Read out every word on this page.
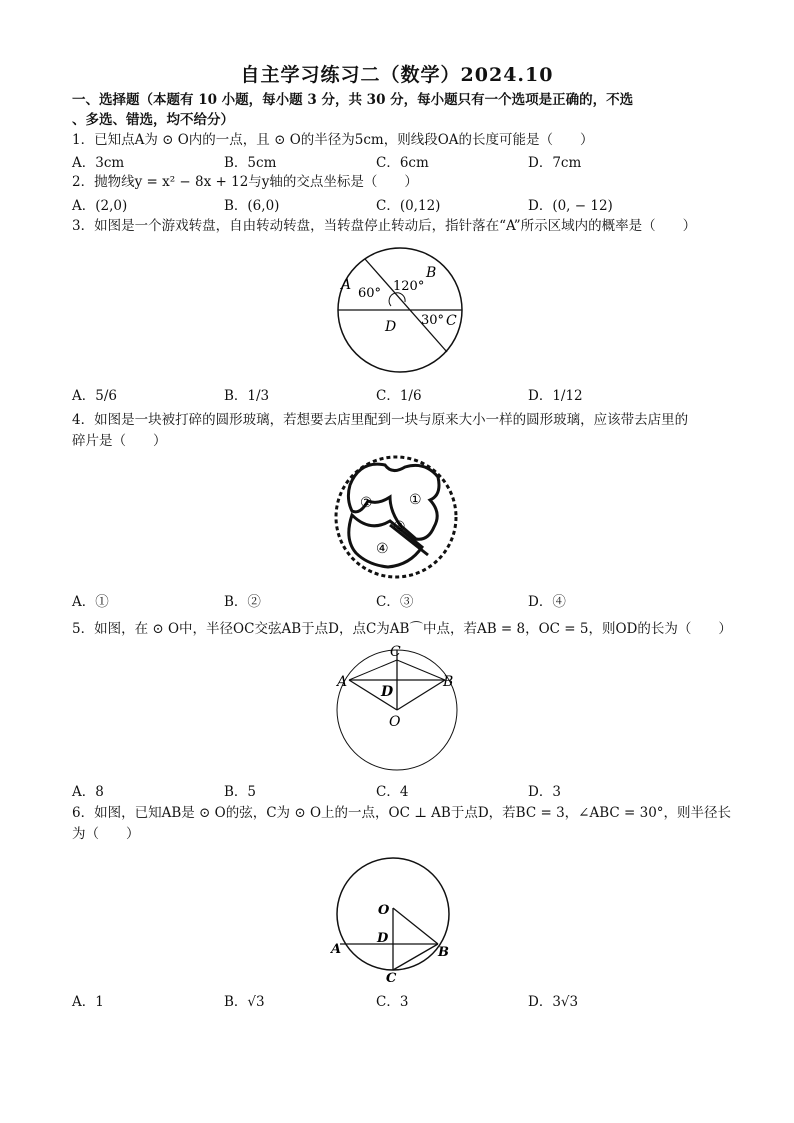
自主学习练习二（数学）2024.10
一、选择题（本题有 10 小题，每小题 3 分，共 30 分，每小题只有一个选项是正确的，不选
、多选、错选，均不给分）
1．已知点A为 ⊙ O内的一点，且 ⊙ O的半径为5cm，则线段OA的长度可能是（　　）
A．3cm	B．5cm	C．6cm	D．7cm
2．抛物线y = x² − 8x + 12与y轴的交点坐标是（　　）
A．(2,0)	B．(6,0)	C．(0,12)	D．(0, − 12)
3．如图是一个游戏转盘，自由转动转盘，当转盘停止转动后，指针落在“A”所示区域内的概率是（　　）
A
B
C
D
60° 120°
30°
A．5/6	B．1/3	C．1/6	D．1/12
4．如图是一块被打碎的圆形玻璃，若想要去店里配到一块与原来大小一样的圆形玻璃，应该带去店里的
碎片是（　　）
②	①
③
④
A．①	B．②	C．③	D．④
5．如图，在 ⊙ O中，半径OC交弦AB于点D，点C为AB⌒中点，若AB = 8，OC = 5，则OD的长为（　　）
A	B
C
D
O
A．8	B．5	C．4	D．3
6．如图，已知AB是 ⊙ O的弦，C为 ⊙ O上的一点，OC ⊥ AB于点D，若BC = 3，∠ABC = 30°，则半径长
为（　　）
O
D
A	B
C
A．1	B．√3	C．3	D．3√3
